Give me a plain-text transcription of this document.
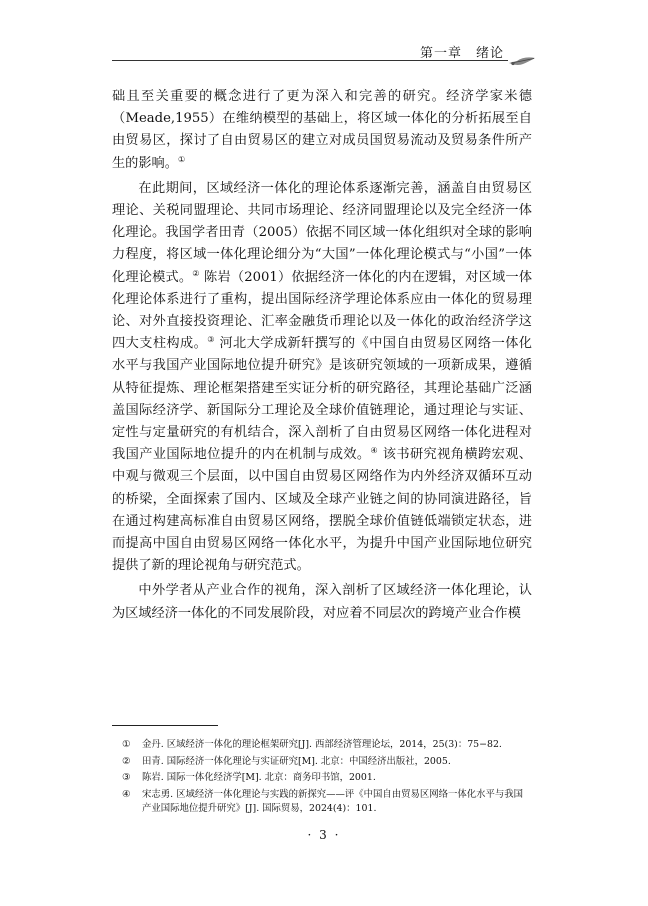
第一章　绪论

础且至关重要的概念进行了更为深入和完善的研究。经济学家米德（Meade,1955）在维纳模型的基础上，将区域一体化的分析拓展至自由贸易区，探讨了自由贸易区的建立对成员国贸易流动及贸易条件所产生的影响。①

在此期间，区域经济一体化的理论体系逐渐完善，涵盖自由贸易区理论、关税同盟理论、共同市场理论、经济同盟理论以及完全经济一体化理论。我国学者田青（2005）依据不同区域一体化组织对全球的影响力程度，将区域一体化理论细分为“大国”一体化理论模式与“小国”一体化理论模式。② 陈岩（2001）依据经济一体化的内在逻辑，对区域一体化理论体系进行了重构，提出国际经济学理论体系应由一体化的贸易理论、对外直接投资理论、汇率金融货币理论以及一体化的政治经济学这四大支柱构成。③ 河北大学成新轩撰写的《中国自由贸易区网络一体化水平与我国产业国际地位提升研究》是该研究领域的一项新成果，遵循从特征提炼、理论框架搭建至实证分析的研究路径，其理论基础广泛涵盖国际经济学、新国际分工理论及全球价值链理论，通过理论与实证、定性与定量研究的有机结合，深入剖析了自由贸易区网络一体化进程对我国产业国际地位提升的内在机制与成效。④ 该书研究视角横跨宏观、中观与微观三个层面，以中国自由贸易区网络作为内外经济双循环互动的桥梁，全面探索了国内、区域及全球产业链之间的协同演进路径，旨在通过构建高标准自由贸易区网络，摆脱全球价值链低端锁定状态，进而提高中国自由贸易区网络一体化水平，为提升中国产业国际地位研究提供了新的理论视角与研究范式。

中外学者从产业合作的视角，深入剖析了区域经济一体化理论，认为区域经济一体化的不同发展阶段，对应着不同层次的跨境产业合作模

①	金丹. 区域经济一体化的理论框架研究[J]. 西部经济管理论坛，2014，25(3)：75−82.
②	田青. 国际经济一体化理论与实证研究[M]. 北京：中国经济出版社，2005.
③	陈岩. 国际一体化经济学[M]. 北京：商务印书馆，2001.
④	宋志勇. 区域经济一体化理论与实践的新探究——评《中国自由贸易区网络一体化水平与我国产业国际地位提升研究》[J]. 国际贸易，2024(4)：101.
· 3 ·
